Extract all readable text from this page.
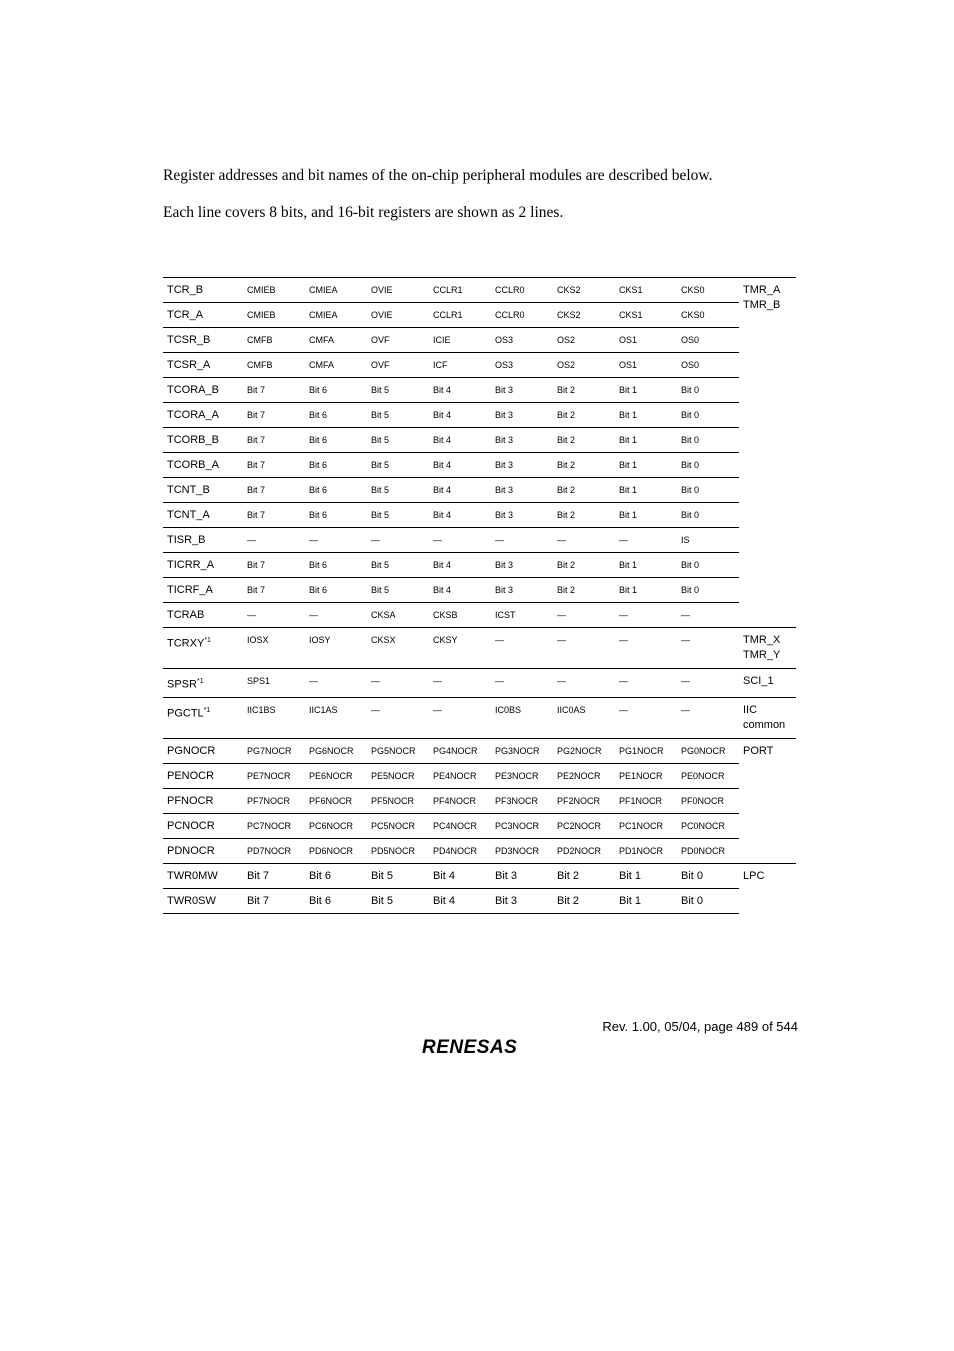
Register addresses and bit names of the on-chip peripheral modules are described below.
Each line covers 8 bits, and 16-bit registers are shown as 2 lines.
TCR_B	CMIEB	CMIEA	OVIE	CCLR1	CCLR0	CKS2	CKS1	CKS0	TMR_A
TMR_B

TCR_A	CMIEB	CMIEA	OVIE	CCLR1	CCLR0	CKS2	CKS1	CKS0	
TCSR_B	CMFB	CMFA	OVF	ICIE	OS3	OS2	OS1	OS0	
TCSR_A	CMFB	CMFA	OVF	ICF	OS3	OS2	OS1	OS0	
TCORA_B	Bit 7	Bit 6	Bit 5	Bit 4	Bit 3	Bit 2	Bit 1	Bit 0	
TCORA_A	Bit 7	Bit 6	Bit 5	Bit 4	Bit 3	Bit 2	Bit 1	Bit 0	
TCORB_B	Bit 7	Bit 6	Bit 5	Bit 4	Bit 3	Bit 2	Bit 1	Bit 0	
TCORB_A	Bit 7	Bit 6	Bit 5	Bit 4	Bit 3	Bit 2	Bit 1	Bit 0	
TCNT_B	Bit 7	Bit 6	Bit 5	Bit 4	Bit 3	Bit 2	Bit 1	Bit 0	
TCNT_A	Bit 7	Bit 6	Bit 5	Bit 4	Bit 3	Bit 2	Bit 1	Bit 0	
TISR_B	—	—	—	—	—	—	—	IS	
TICRR_A	Bit 7	Bit 6	Bit 5	Bit 4	Bit 3	Bit 2	Bit 1	Bit 0	
TICRF_A	Bit 7	Bit 6	Bit 5	Bit 4	Bit 3	Bit 2	Bit 1	Bit 0	
TCRAB	—	—	CKSA	CKSB	ICST	—	—	—	
TCRXY$^{*1}$	IOSX	IOSY	CKSX	CKSY	—	—	—	—	TMR_X
TMR_Y

SPSR$^{*1}$	SPS1	—	—	—	—	—	—	—	SCI_1

PGCTL$^{*1}$	IIC1BS	IIC1AS	—	—	IC0BS	IIC0AS	—	—	IIC
common

PGNOCR	PG7NOCR	PG6NOCR	PG5NOCR	PG4NOCR	PG3NOCR	PG2NOCR	PG1NOCR	PG0NOCR	PORT

PENOCR	PE7NOCR	PE6NOCR	PE5NOCR	PE4NOCR	PE3NOCR	PE2NOCR	PE1NOCR	PE0NOCR	
PFNOCR	PF7NOCR	PF6NOCR	PF5NOCR	PF4NOCR	PF3NOCR	PF2NOCR	PF1NOCR	PF0NOCR	
PCNOCR	PC7NOCR	PC6NOCR	PC5NOCR	PC4NOCR	PC3NOCR	PC2NOCR	PC1NOCR	PC0NOCR	
PDNOCR	PD7NOCR	PD6NOCR	PD5NOCR	PD4NOCR	PD3NOCR	PD2NOCR	PD1NOCR	PD0NOCR	
TWR0MW	Bit 7	Bit 6	Bit 5	Bit 4	Bit 3	Bit 2	Bit 1	Bit 0	LPC

TWR0SW	Bit 7	Bit 6	Bit 5	Bit 4	Bit 3	Bit 2	Bit 1	Bit 0	
Rev. 1.00, 05/04, page 489 of 544
RENESAS
